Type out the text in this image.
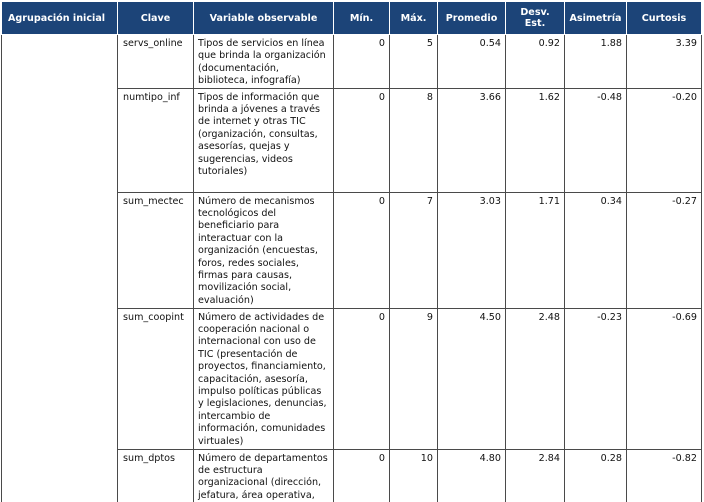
Agrupación inicial	Clave	Variable observable	Mín.	Máx.	Promedio	Desv. Est.	Asimetría	Curtosis
	servs_online	Tipos de servicios en línea que brinda la organización (documentación, biblioteca, infografía)	0	5	0.54	0.92	1.88	3.39
	numtipo_inf	Tipos de información que brinda a jóvenes a través de internet y otras TIC (organización, consultas, asesorías, quejas y sugerencias, videos tutoriales)	0	8	3.66	1.62	-0.48	-0.20
	sum_mectec	Número de mecanismos tecnológicos del beneficiario para interactuar con la organización (encuestas, foros, redes sociales, firmas para causas, movilización social, evaluación)	0	7	3.03	1.71	0.34	-0.27
	sum_coopint	Número de actividades de cooperación nacional o internacional con uso de TIC (presentación de proyectos, financiamiento, capacitación, asesoría, impulso políticas públicas y legislaciones, denuncias, intercambio de información, comunidades virtuales)	0	9	4.50	2.48	-0.23	-0.69
	sum_dptos	Número de departamentos de estructura organizacional (dirección, jefatura, área operativa,	0	10	4.80	2.84	0.28	-0.82
